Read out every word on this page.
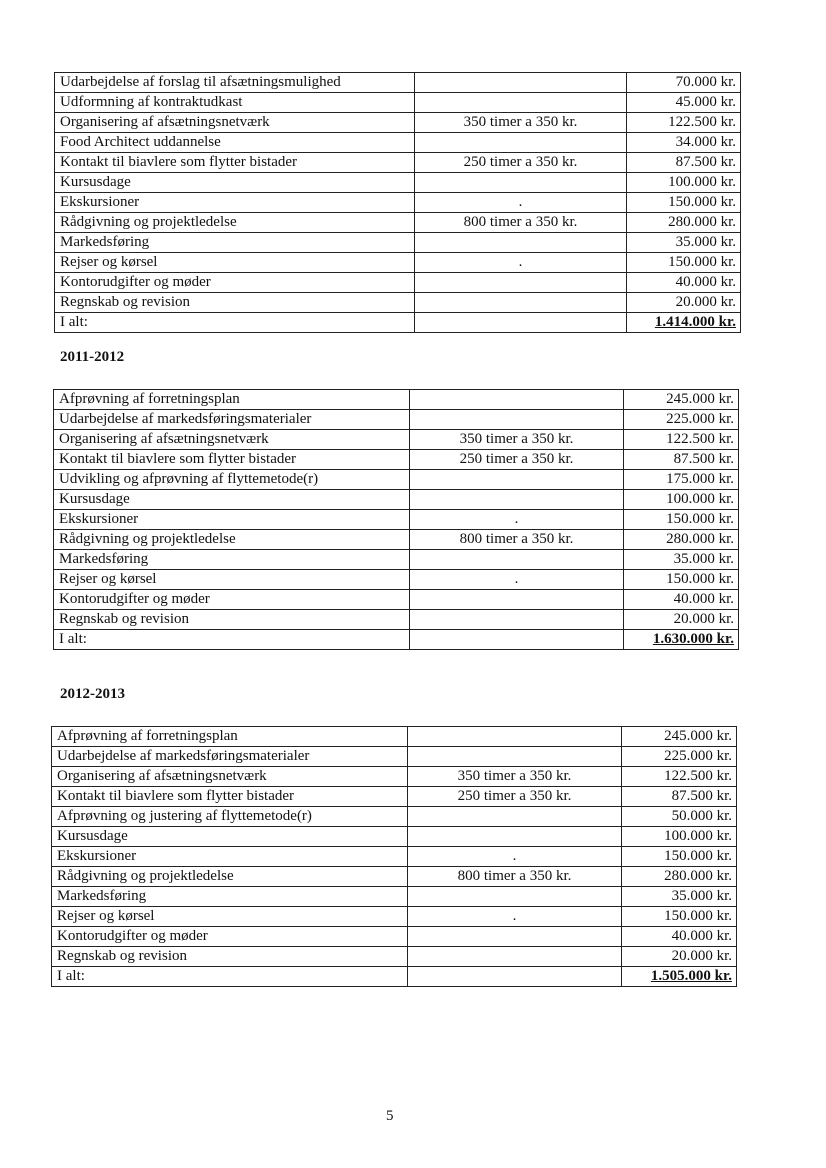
Udarbejdelse af forslag til afsætningsmulighed		70.000 kr.
Udformning af kontraktudkast		45.000 kr.
Organisering af afsætningsnetværk	350 timer a 350 kr.	122.500 kr.
Food Architect uddannelse		34.000 kr.
Kontakt til biavlere som flytter bistader	250 timer a 350 kr.	87.500 kr.
Kursusdage		100.000 kr.
Ekskursioner	.	150.000 kr.
Rådgivning og projektledelse	800 timer a 350 kr.	280.000 kr.
Markedsføring		35.000 kr.
Rejser og kørsel	.	150.000 kr.
Kontorudgifter og møder		40.000 kr.
Regnskab og revision		20.000 kr.
I alt:		1.414.000 kr.
2011-2012
Afprøvning af forretningsplan		245.000 kr.
Udarbejdelse af markedsføringsmaterialer		225.000 kr.
Organisering af afsætningsnetværk	350 timer a 350 kr.	122.500 kr.
Kontakt til biavlere som flytter bistader	250 timer a 350 kr.	87.500 kr.
Udvikling og afprøvning af flyttemetode(r)		175.000 kr.
Kursusdage		100.000 kr.
Ekskursioner	.	150.000 kr.
Rådgivning og projektledelse	800 timer a 350 kr.	280.000 kr.
Markedsføring		35.000 kr.
Rejser og kørsel	.	150.000 kr.
Kontorudgifter og møder		40.000 kr.
Regnskab og revision		20.000 kr.
I alt:		1.630.000 kr.
2012-2013
Afprøvning af forretningsplan		245.000 kr.
Udarbejdelse af markedsføringsmaterialer		225.000 kr.
Organisering af afsætningsnetværk	350 timer a 350 kr.	122.500 kr.
Kontakt til biavlere som flytter bistader	250 timer a 350 kr.	87.500 kr.
Afprøvning og justering af flyttemetode(r)		50.000 kr.
Kursusdage		100.000 kr.
Ekskursioner	.	150.000 kr.
Rådgivning og projektledelse	800 timer a 350 kr.	280.000 kr.
Markedsføring		35.000 kr.
Rejser og kørsel	.	150.000 kr.
Kontorudgifter og møder		40.000 kr.
Regnskab og revision		20.000 kr.
I alt:		1.505.000 kr.
5
